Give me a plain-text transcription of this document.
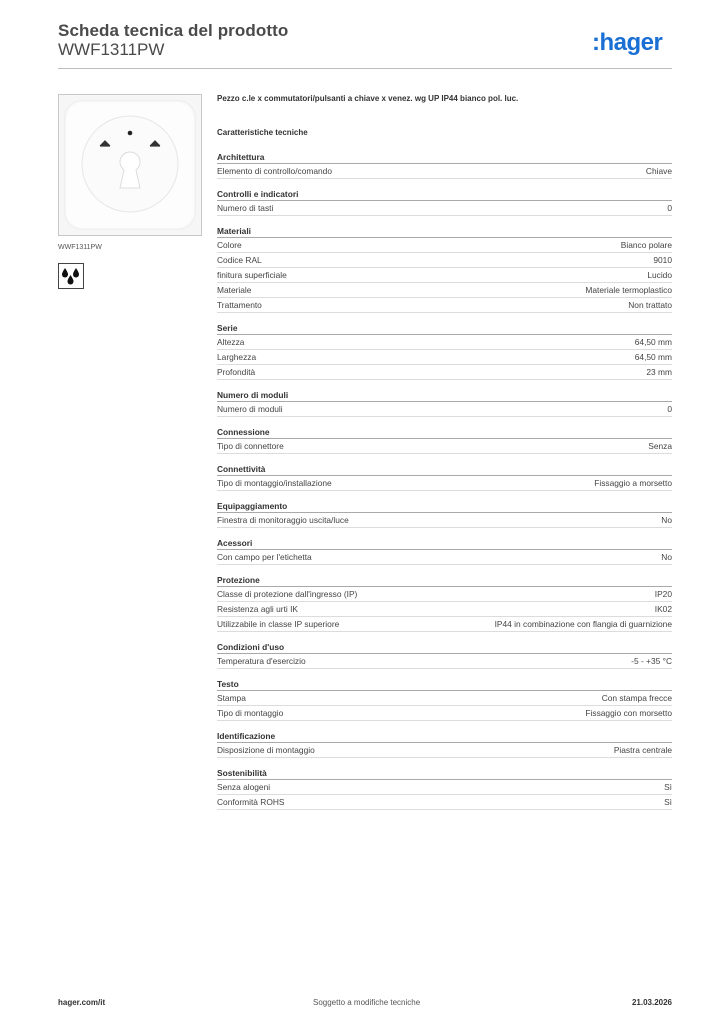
Scheda tecnica del prodotto
WWF1311PW	:hager
WWF1311PW

Pezzo c.le x commutatori/pulsanti a chiave x venez. wg UP IP44 bianco pol. luc.

Caratteristiche tecniche
Architettura
Elemento di controllo/comando	Chiave
Controlli e indicatori
Numero di tasti	0
Materiali
Colore	Bianco polare
Codice RAL	9010
finitura superficiale	Lucido
Materiale	Materiale termoplastico
Trattamento	Non trattato
Serie
Altezza	64,50 mm
Larghezza	64,50 mm
Profondità	23 mm
Numero di moduli
Numero di moduli	0
Connessione
Tipo di connettore	Senza
Connettività
Tipo di montaggio/installazione	Fissaggio a morsetto
Equipaggiamento
Finestra di monitoraggio uscita/luce	No
Acessori
Con campo per l'etichetta	No
Protezione
Classe di protezione dall'ingresso (IP)	IP20
Resistenza agli urti IK	IK02
Utilizzabile in classe IP superiore	IP44 in combinazione con flangia di guarnizione
Condizioni d'uso
Temperatura d'esercizio	-5 - +35 °C
Testo
Stampa	Con stampa frecce
Tipo di montaggio	Fissaggio con morsetto
Identificazione
Disposizione di montaggio	Piastra centrale
Sostenibilità
Senza alogeni	Sì
Conformità ROHS	Sì
hager.com/it	Soggetto a modifiche tecniche	21.03.2026
